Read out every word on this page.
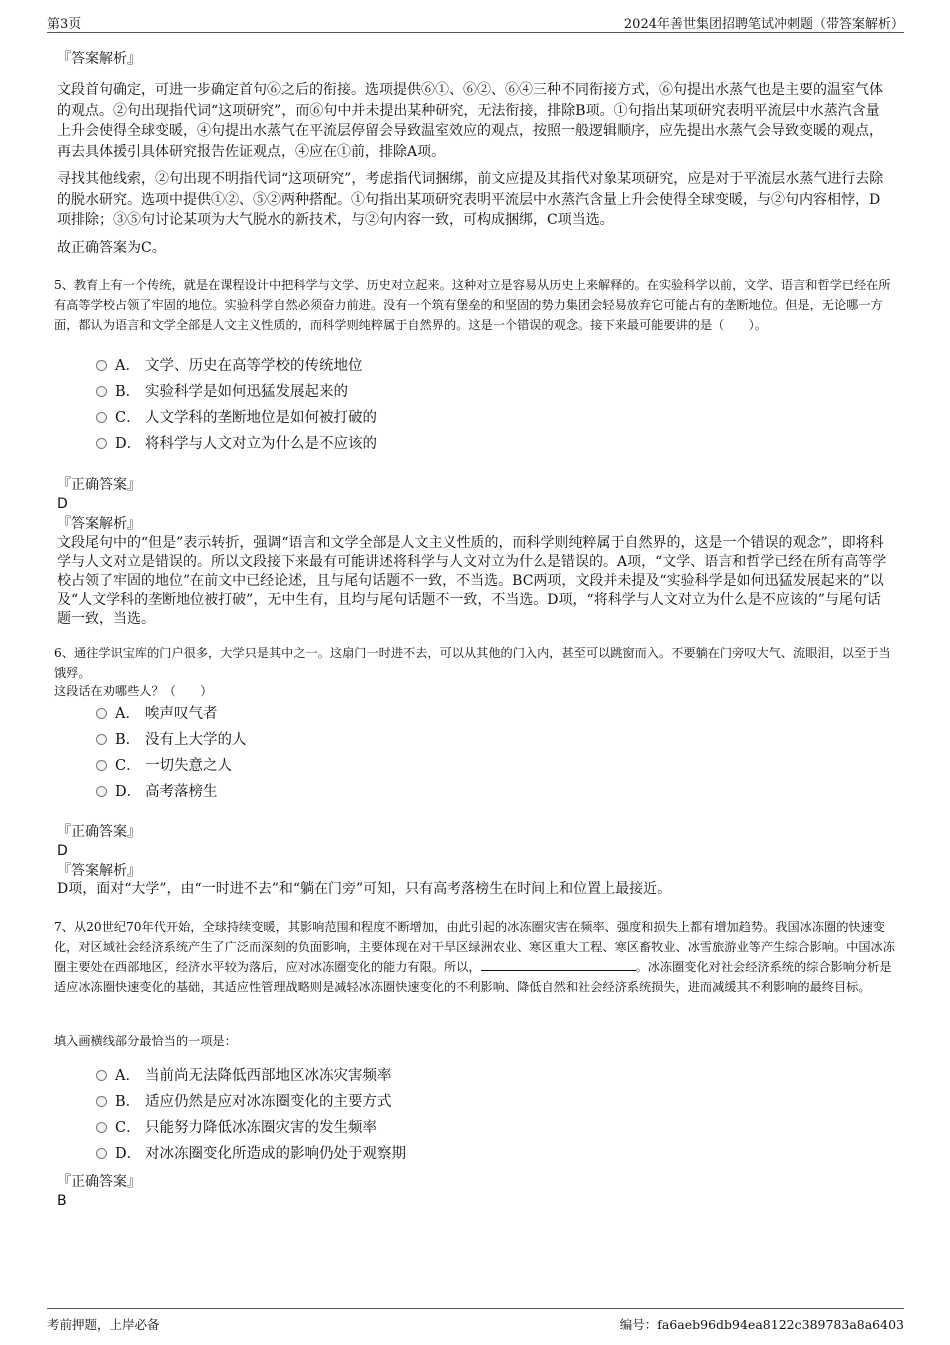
第3页	2024年善世集团招聘笔试冲刺题（带答案解析）
『答案解析』
文段首句确定，可进一步确定首句⑥之后的衔接。选项提供⑥①、⑥②、⑥④三种不同衔接方式，⑥句提出水蒸气也是主要的温室气体的观点。②句出现指代词“这项研究”，而⑥句中并未提出某种研究，无法衔接，排除B项。①句指出某项研究表明平流层中水蒸汽含量上升会使得全球变暖，④句提出水蒸气在平流层停留会导致温室效应的观点，按照一般逻辑顺序，应先提出水蒸气会导致变暖的观点，再去具体援引具体研究报告佐证观点，④应在①前，排除A项。
寻找其他线索，②句出现不明指代词“这项研究”，考虑指代词捆绑，前文应提及其指代对象某项研究，应是对于平流层水蒸气进行去除的脱水研究。选项中提供①②、⑤②两种搭配。①句指出某项研究表明平流层中水蒸汽含量上升会使得全球变暖，与②句内容相悖，D项排除；③⑤句讨论某项为大气脱水的新技术，与②句内容一致，可构成捆绑，C项当选。
故正确答案为C。
5、教育上有一个传统，就是在课程设计中把科学与文学、历史对立起来。这种对立是容易从历史上来解释的。在实验科学以前，文学、语言和哲学已经在所有高等学校占领了牢固的地位。实验科学自然必须奋力前进。没有一个筑有堡垒的和坚固的势力集团会轻易放弃它可能占有的垄断地位。但是，无论哪一方面，都认为语言和文学全部是人文主义性质的，而科学则纯粹属于自然界的。这是一个错误的观念。接下来最可能要讲的是（　　）。
A． 文学、历史在高等学校的传统地位
B． 实验科学是如何迅猛发展起来的
C． 人文学科的垄断地位是如何被打破的
D． 将科学与人文对立为什么是不应该的
『正确答案』
D
『答案解析』
文段尾句中的“但是”表示转折，强调“语言和文学全部是人文主义性质的，而科学则纯粹属于自然界的，这是一个错误的观念”，即将科学与人文对立是错误的。所以文段接下来最有可能讲述将科学与人文对立为什么是错误的。A项，“文学、语言和哲学已经在所有高等学校占领了牢固的地位”在前文中已经论述，且与尾句话题不一致，不当选。BC两项，文段并未提及“实验科学是如何迅猛发展起来的”以及“人文学科的垄断地位被打破”，无中生有，且均与尾句话题不一致，不当选。D项，“将科学与人文对立为什么是不应该的”与尾句话题一致，当选。
6、通往学识宝库的门户很多，大学只是其中之一。这扇门一时进不去，可以从其他的门入内，甚至可以跳窗而入。不要躺在门旁叹大气、流眼泪，以至于当饿殍。
这段话在劝哪些人？（　　）
A． 唉声叹气者
B． 没有上大学的人
C． 一切失意之人
D． 高考落榜生
『正确答案』
D
『答案解析』
D项，面对“大学”，由“一时进不去”和“躺在门旁”可知，只有高考落榜生在时间上和位置上最接近。
7、从20世纪70年代开始，全球持续变暖，其影响范围和程度不断增加，由此引起的冰冻圈灾害在频率、强度和损失上都有增加趋势。我国冰冻圈的快速变化，对区域社会经济系统产生了广泛而深刻的负面影响，主要体现在对干旱区绿洲农业、寒区重大工程、寒区畜牧业、冰雪旅游业等产生综合影响。中国冰冻圈主要处在西部地区，经济水平较为落后，应对冰冻圈变化的能力有限。所以，	。冰冻圈变化对社会经济系统的综合影响分析是适应冰冻圈快速变化的基础，其适应性管理战略则是减轻冰冻圈快速变化的不利影响、降低自然和社会经济系统损失，进而减缓其不利影响的最终目标。
填入画横线部分最恰当的一项是：
A． 当前尚无法降低西部地区冰冻灾害频率
B． 适应仍然是应对冰冻圈变化的主要方式
C． 只能努力降低冰冻圈灾害的发生频率
D． 对冰冻圈变化所造成的影响仍处于观察期
『正确答案』
B
考前押题，上岸必备	编号：fa6aeb96db94ea8122c389783a8a6403
